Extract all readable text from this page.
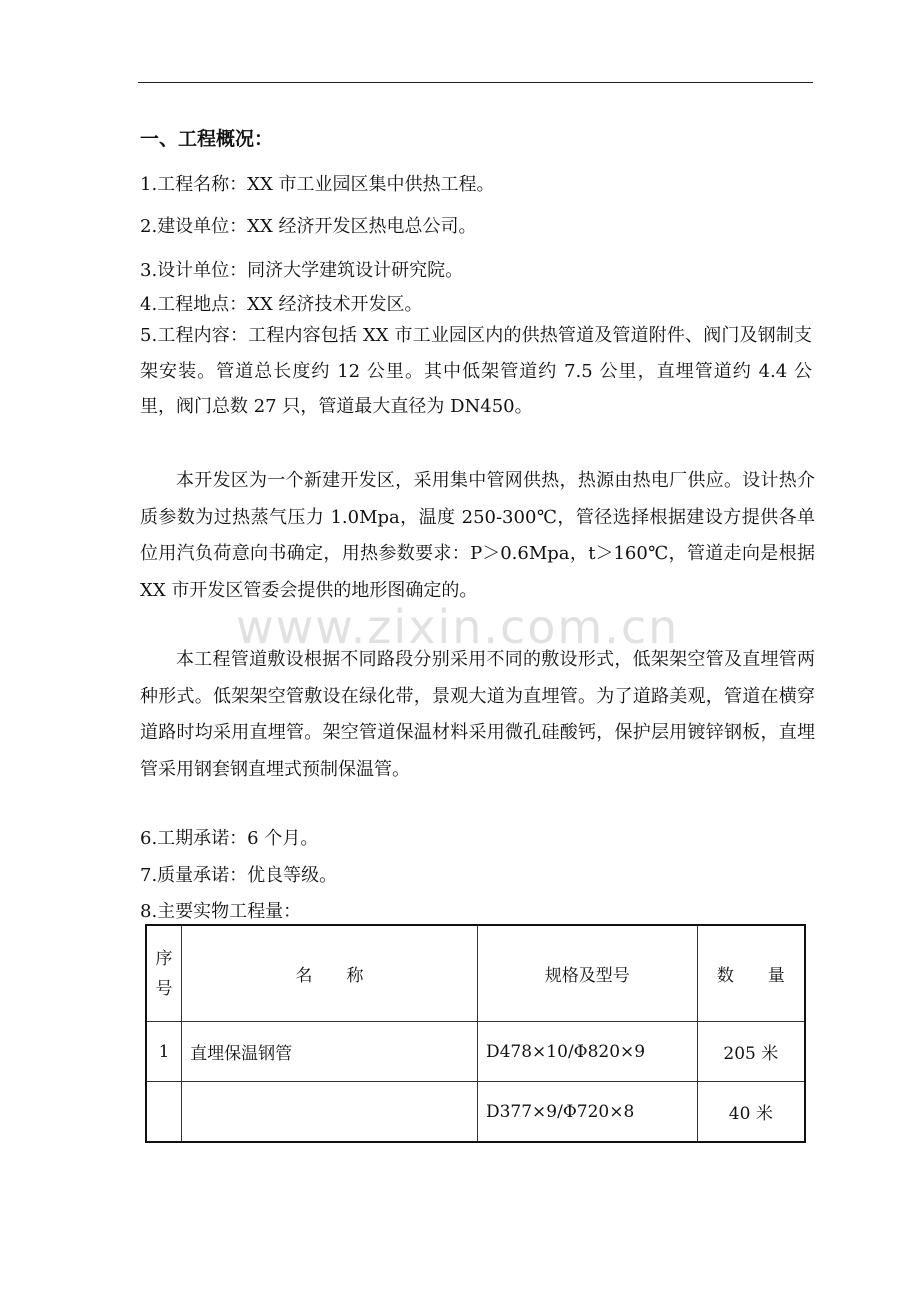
www.zixin.com.cn
一、工程概况：
1.工程名称：XX 市工业园区集中供热工程。
2.建设单位：XX 经济开发区热电总公司。
3.设计单位：同济大学建筑设计研究院。
4.工程地点：XX 经济技术开发区。
5.工程内容：工程内容包括 XX 市工业园区内的供热管道及管道附件、阀门及钢制支架安装。管道总长度约 12 公里。其中低架管道约 7.5 公里，直埋管道约 4.4 公里，阀门总数 27 只，管道最大直径为 DN450。
本开发区为一个新建开发区，采用集中管网供热，热源由热电厂供应。设计热介质参数为过热蒸气压力 1.0Mpa，温度 250-300℃，管径选择根据建设方提供各单位用汽负荷意向书确定，用热参数要求：P＞0.6Mpa，t＞160℃，管道走向是根据 XX 市开发区管委会提供的地形图确定的。
本工程管道敷设根据不同路段分别采用不同的敷设形式，低架架空管及直埋管两种形式。低架架空管敷设在绿化带，景观大道为直埋管。为了道路美观，管道在横穿道路时均采用直埋管。架空管道保温材料采用微孔硅酸钙，保护层用镀锌钢板，直埋管采用钢套钢直埋式预制保温管。
6.工期承诺：6 个月。
7.质量承诺：优良等级。
8.主要实物工程量：
序
号	名　　称	规格及型号	数　　量
1	直埋保温钢管	D478×10/Φ820×9	205 米
		D377×9/Φ720×8	40 米
